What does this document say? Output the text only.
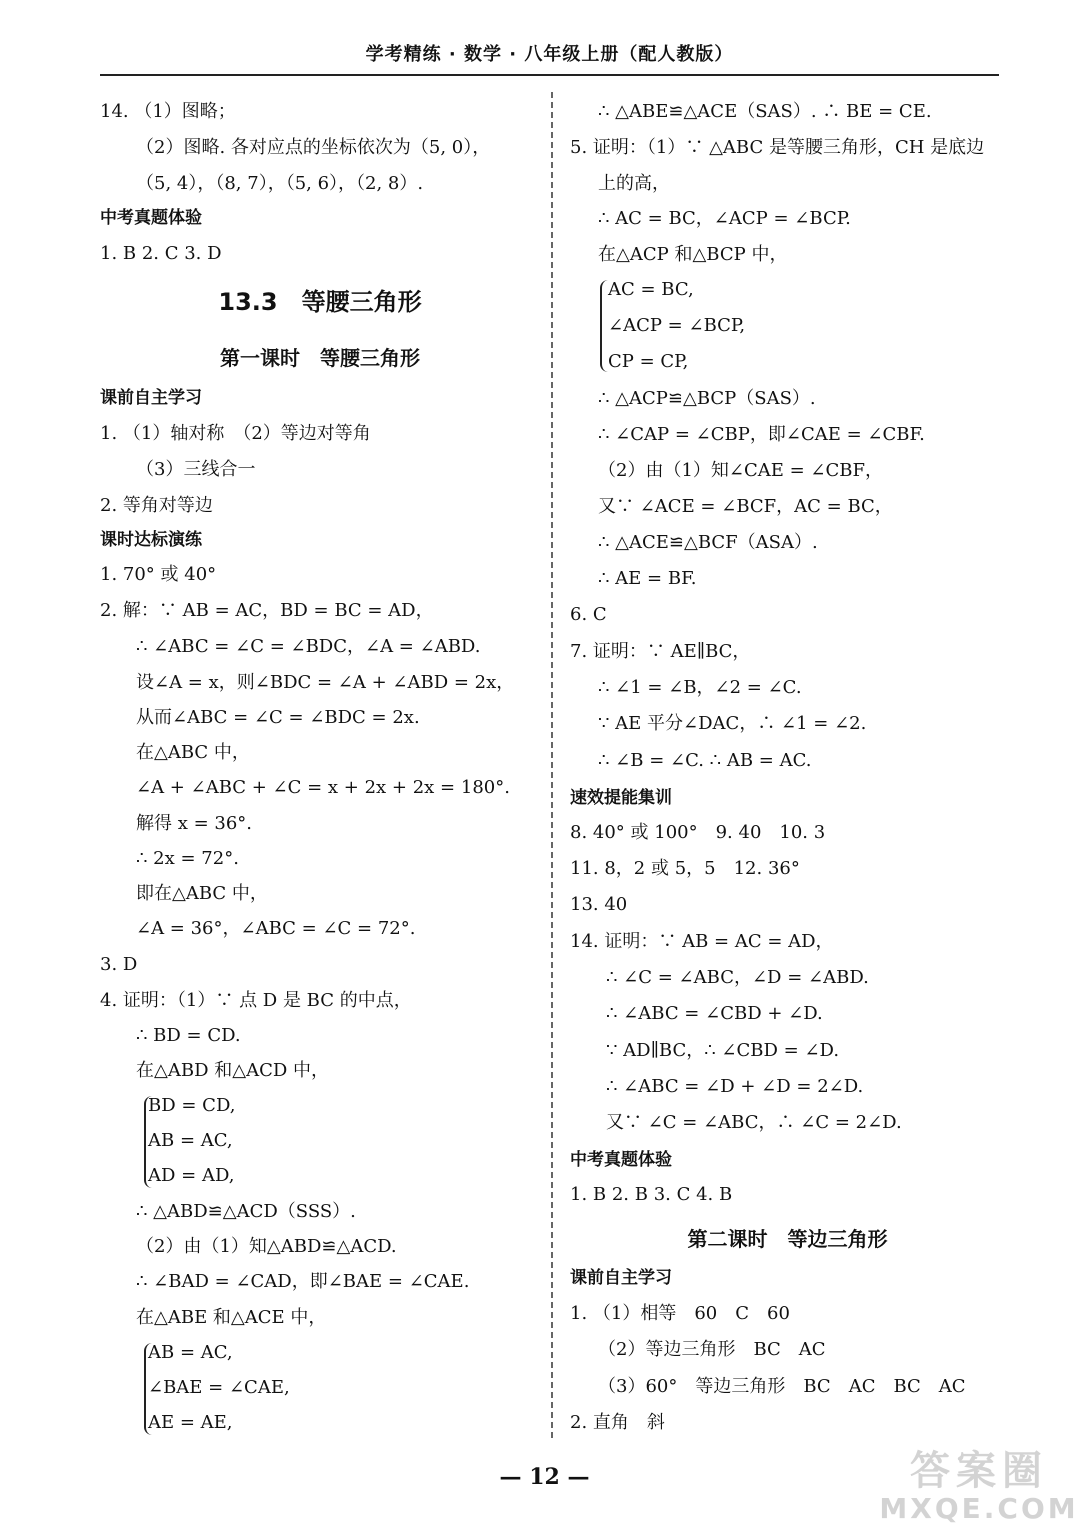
学考精练 · 数学 · 八年级上册（配人教版）
14. （1）图略；
（2）图略. 各对应点的坐标依次为（5, 0），
（5, 4），（8, 7），（5, 6），（2, 8）.
中考真题体验
1. B 2. C 3. D
13.3　等腰三角形
第一课时　等腰三角形
课前自主学习
1. （1）轴对称　（2）等边对等角
（3）三线合一
2. 等角对等边
课时达标演练
1. 70° 或 40°
2. 解：∵ AB = AC，BD = BC = AD，
∴ ∠ABC = ∠C = ∠BDC，∠A = ∠ABD.
设∠A = x，则∠BDC = ∠A + ∠ABD = 2x，
从而∠ABC = ∠C = ∠BDC = 2x.
在△ABC 中，
∠A + ∠ABC + ∠C = x + 2x + 2x = 180°.
解得 x = 36°.
∴ 2x = 72°.
即在△ABC 中，
∠A = 36°，∠ABC = ∠C = 72°.
3. D
4. 证明：（1）∵ 点 D 是 BC 的中点，
∴ BD = CD.
在△ABD 和△ACD 中，
BD = CD,
AB = AC,
AD = AD,
∴ △ABD≌△ACD（SSS）.
（2）由（1）知△ABD≌△ACD.
∴ ∠BAD = ∠CAD，即∠BAE = ∠CAE.
在△ABE 和△ACE 中，
AB = AC,
∠BAE = ∠CAE,
AE = AE,
∴ △ABE≌△ACE（SAS）. ∴ BE = CE.
5. 证明：（1）∵ △ABC 是等腰三角形，CH 是底边
上的高，
∴ AC = BC，∠ACP = ∠BCP.
在△ACP 和△BCP 中，
AC = BC,
∠ACP = ∠BCP,
CP = CP,
∴ △ACP≌△BCP（SAS）.
∴ ∠CAP = ∠CBP，即∠CAE = ∠CBF.
（2）由（1）知∠CAE = ∠CBF，
又∵ ∠ACE = ∠BCF，AC = BC，
∴ △ACE≌△BCF（ASA）.
∴ AE = BF.
6. C
7. 证明：∵ AE∥BC，
∴ ∠1 = ∠B，∠2 = ∠C.
∵ AE 平分∠DAC，∴ ∠1 = ∠2.
∴ ∠B = ∠C. ∴ AB = AC.
速效提能集训
8. 40° 或 100°　9. 40　10. 3
11. 8，2 或 5，5　12. 36°
13. 40
14. 证明：∵ AB = AC = AD，
∴ ∠C = ∠ABC，∠D = ∠ABD.
∴ ∠ABC = ∠CBD + ∠D.
∵ AD∥BC，∴ ∠CBD = ∠D.
∴ ∠ABC = ∠D + ∠D = 2∠D.
又∵ ∠C = ∠ABC，∴ ∠C = 2∠D.
中考真题体验
1. B 2. B 3. C 4. B
第二课时　等边三角形
课前自主学习
1. （1）相等　60　C　60
（2）等边三角形　BC　AC
（3）60°　等边三角形　BC　AC　BC　AC
2. 直角　斜
— 12 —	答案圈
MXQE.COM
